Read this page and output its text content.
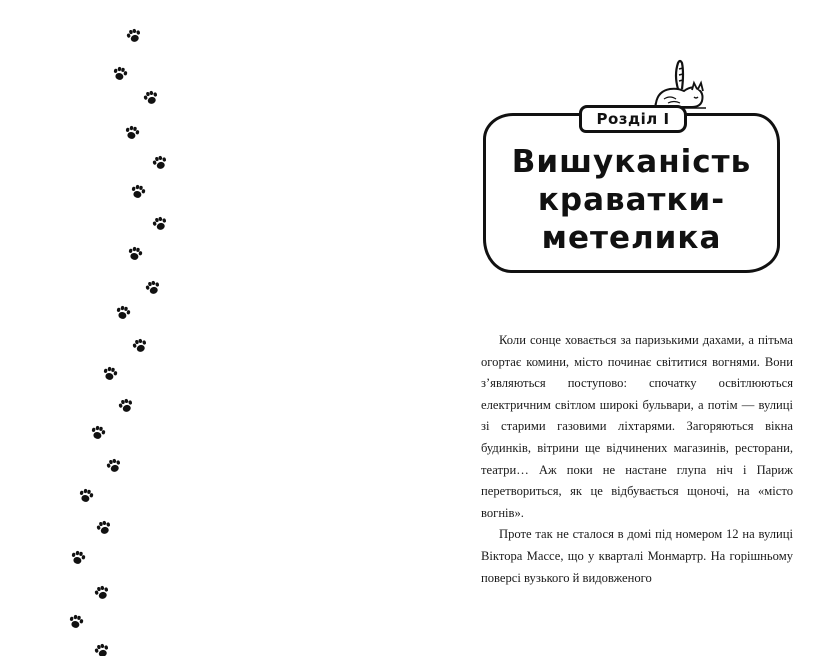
Розділ І
Вишуканість
краватки-
метелика

Коли сонце ховається за паризькими дахами, а пітьма огортає комини, місто починає світитися вогнями. Вони з’являються поступово: спочатку освітлюються електричним світлом широкі бульвари, а потім — вулиці зі старими газовими ліхтарями. Загоряються вікна будинків, вітрини ще відчинених магазинів, ресторани, театри… Аж поки не настане глупа ніч і Париж перетвориться, як це відбувається щоночі, на «місто вогнів».

Проте так не сталося в домі під номером 12 на вулиці Віктора Массе, що у кварталі Монмартр. На горішньому поверсі вузького й видовженого
